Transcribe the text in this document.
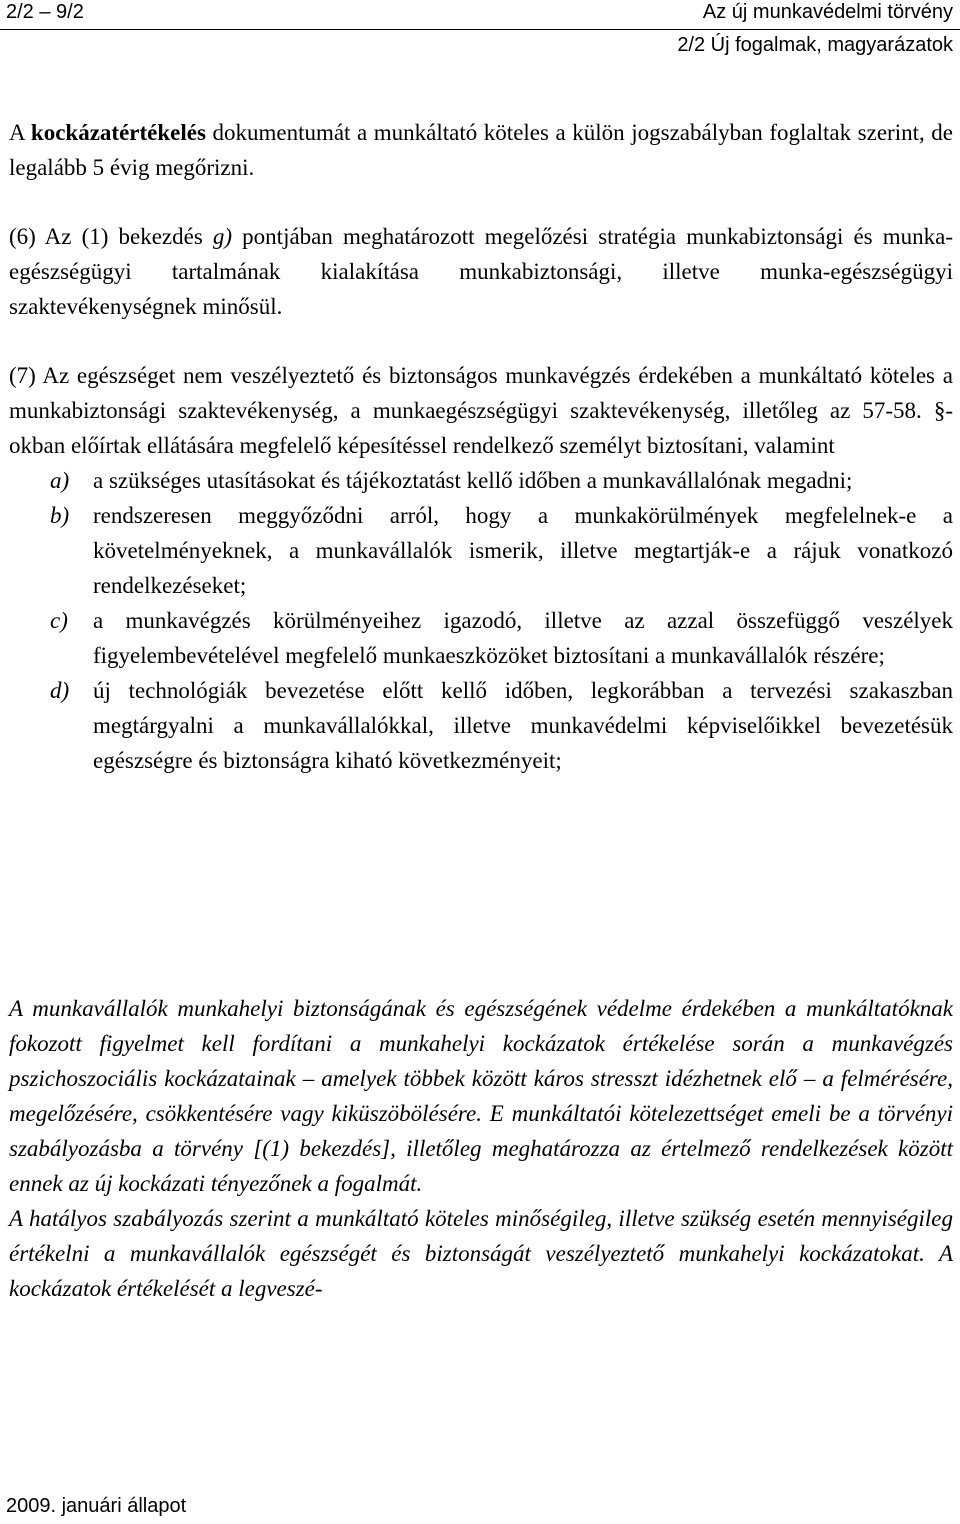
2/2 – 9/2	Az új munkavédelmi törvény
2/2 Új fogalmak, magyarázatok

A kockázatértékelés dokumentumát a munkáltató köteles a külön jogszabályban foglaltak szerint, de legalább 5 évig megőrizni.

(6) Az (1) bekezdés g) pontjában meghatározott megelőzési stratégia munkabiztonsági és munka-egészségügyi tartalmának kialakítása munkabiztonsági, illetve munka-egészségügyi szaktevékenységnek minősül.

(7) Az egészséget nem veszélyeztető és biztonságos munkavégzés érdekében a munkáltató köteles a munkabiztonsági szaktevékenység, a munkaegészségügyi szaktevékenység, illetőleg az 57-58. §-okban előírtak ellátására megfelelő képesítéssel rendelkező személyt biztosítani, valamint

a) a szükséges utasításokat és tájékoztatást kellő időben a munkavállalónak megadni;
b) rendszeresen meggyőződni arról, hogy a munkakörülmények megfelelnek-e a követelményeknek, a munkavállalók ismerik, illetve megtartják-e a rájuk vonatkozó rendelkezéseket;
c) a munkavégzés körülményeihez igazodó, illetve az azzal összefüggő veszélyek figyelembevételével megfelelő munkaeszközöket biztosítani a munkavállalók részére;
d) új technológiák bevezetése előtt kellő időben, legkorábban a tervezési szakaszban megtárgyalni a munkavállalókkal, illetve munkavédelmi képviselőikkel bevezetésük egészségre és biztonságra kiható következményeit;

A munkavállalók munkahelyi biztonságának és egészségének védelme érdekében a munkáltatóknak fokozott figyelmet kell fordítani a munkahelyi kockázatok értékelése során a munkavégzés pszichoszociális kockázatainak – amelyek többek között káros stresszt idézhetnek elő – a felmérésére, megelőzésére, csökkentésére vagy kiküszöbölésére. E munkáltatói kötelezettséget emeli be a törvényi szabályozásba a törvény [(1) bekezdés], illetőleg meghatározza az értelmező rendelkezések között ennek az új kockázati tényezőnek a fogalmát.

A hatályos szabályozás szerint a munkáltató köteles minőségileg, illetve szükség esetén mennyiségileg értékelni a munkavállalók egészségét és biztonságát veszélyeztető munkahelyi kockázatokat. A kockázatok értékelését a legveszé-

2009. januári állapot
